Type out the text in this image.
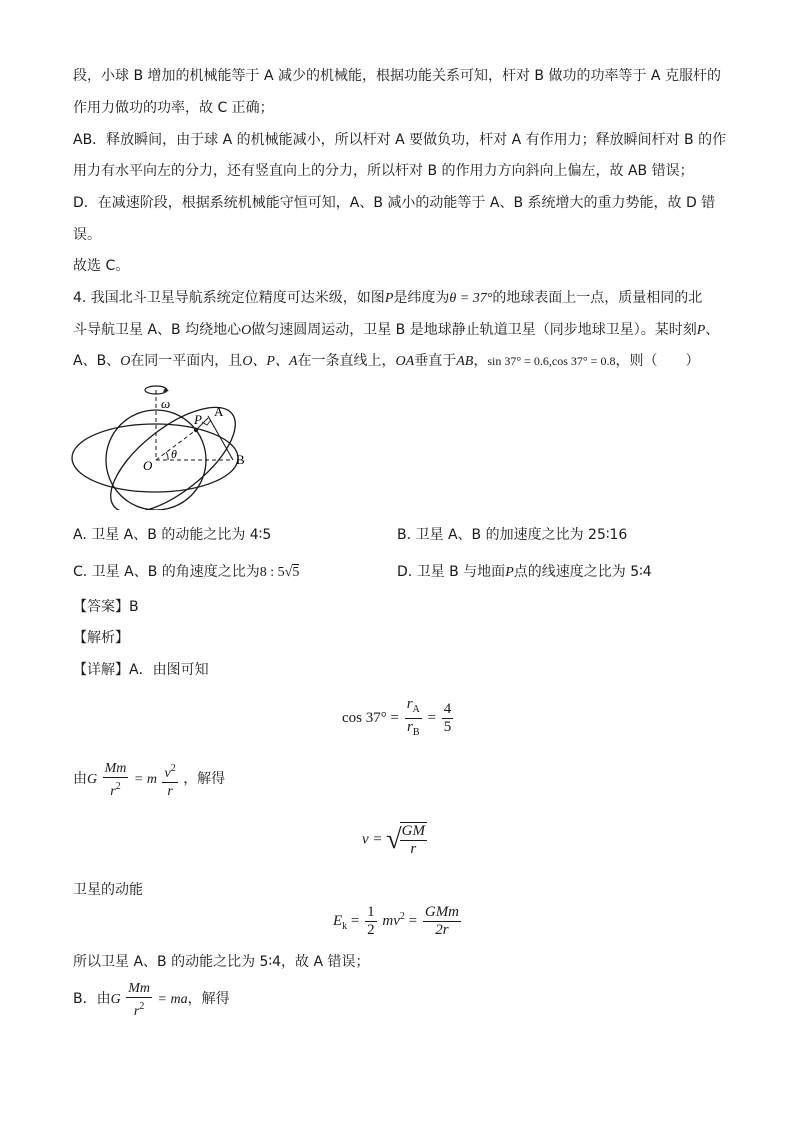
段，小球 B 增加的机械能等于 A 减少的机械能，根据功能关系可知，杆对 B 做功的功率等于 A 克服杆的
作用力做功的功率，故 C 正确；
AB．释放瞬间，由于球 A 的机械能减小，所以杆对 A 要做负功，杆对 A 有作用力；释放瞬间杆对 B 的作
用力有水平向左的分力，还有竖直向上的分力，所以杆对 B 的作用力方向斜向上偏左，故 AB 错误；
D．在减速阶段，根据系统机械能守恒可知，A、B 减小的动能等于 A、B 系统增大的重力势能，故 D 错
误。
故选 C。
4. 我国北斗卫星导航系统定位精度可达米级，如图P是纬度为θ = 37°的地球表面上一点，质量相同的北
斗导航卫星 A、B 均绕地心O做匀速圆周运动，卫星 B 是地球静止轨道卫星（同步地球卫星）。某时刻P、
A、B、O在同一平面内，且O、P、A在一条直线上，OA垂直于AB，sin 37° = 0.6,cos 37° = 0.8，则（　　）
ω
A
B
P
O
θ
A. 卫星 A、B 的动能之比为 4∶5	B. 卫星 A、B 的加速度之比为 25∶16
C. 卫星 A、B 的角速度之比为8 : 5√5	D. 卫星 B 与地面P点的线速度之比为 5∶4
【答案】B
【解析】
【详解】A．由图可知
$\cos 37^\circ = \frac{r_A}{r_B} = \frac{4}{5}$
由G $\frac{Mm}{r^2} = m \frac{v^2}{r}$ ，解得
v = √
$\frac{GM}{r}$
卫星的动能
$E_k = \frac{1}{2} mv^2 = \frac{\text{GMm}}{2r}$
所以卫星 A、B 的动能之比为 5∶4，故 A 错误；
B．由G $\frac{Mm}{r^2}$ = ma，解得
